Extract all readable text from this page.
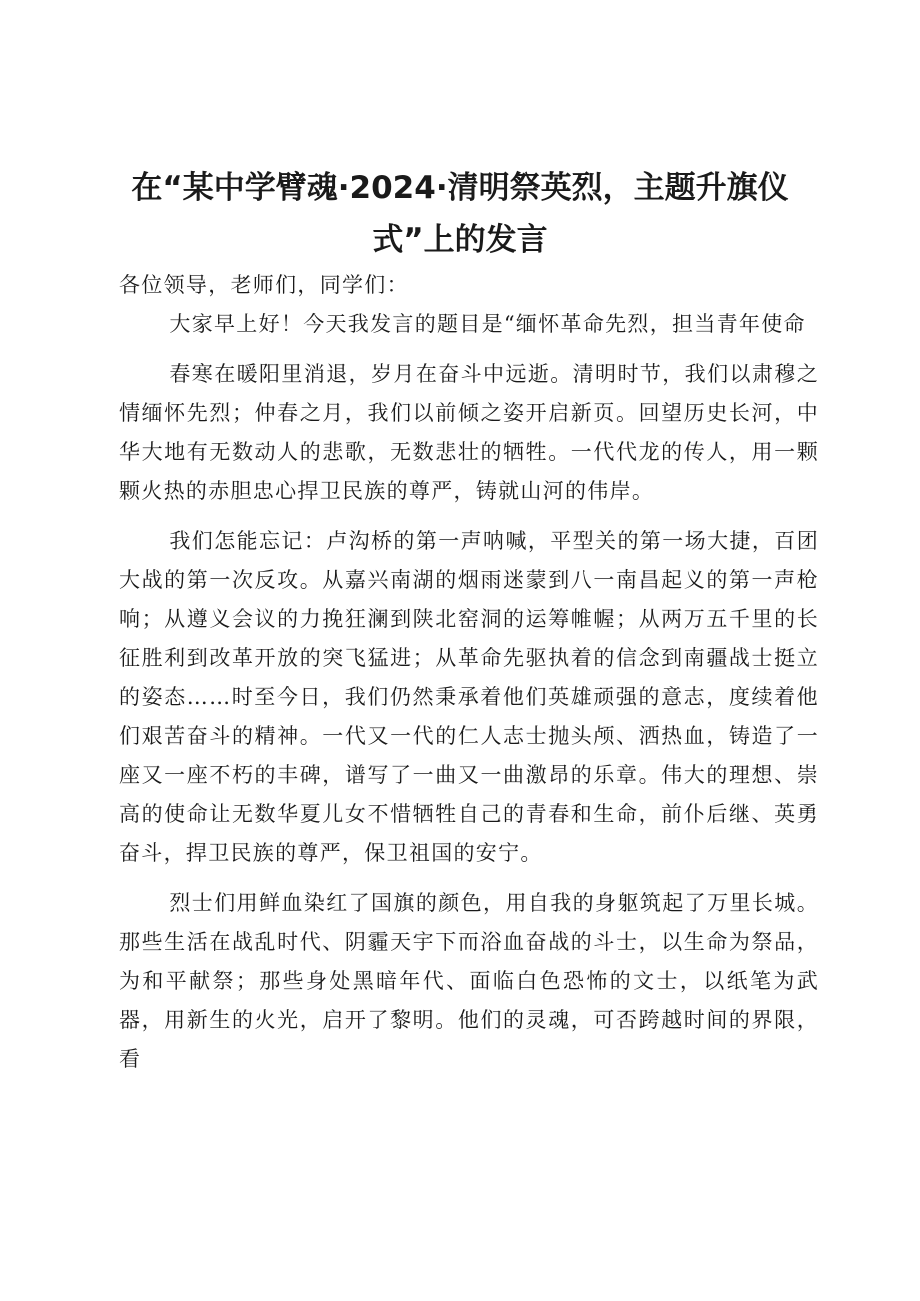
在“某中学臂魂·2024·清明祭英烈，主题升旗仪式”上的发言

各位领导，老师们，同学们：

大家早上好！今天我发言的题目是“缅怀革命先烈，担当青年使命

春寒在暖阳里消退，岁月在奋斗中远逝。清明时节，我们以肃穆之情缅怀先烈；仲春之月，我们以前倾之姿开启新页。回望历史长河，中华大地有无数动人的悲歌，无数悲壮的牺牲。一代代龙的传人，用一颗颗火热的赤胆忠心捍卫民族的尊严，铸就山河的伟岸。

我们怎能忘记：卢沟桥的第一声呐喊，平型关的第一场大捷，百团大战的第一次反攻。从嘉兴南湖的烟雨迷蒙到八一南昌起义的第一声枪响；从遵义会议的力挽狂澜到陕北窑洞的运筹帷幄；从两万五千里的长征胜利到改革开放的突飞猛进；从革命先驱执着的信念到南疆战士挺立的姿态……时至今日，我们仍然秉承着他们英雄顽强的意志，度续着他们艰苦奋斗的精神。一代又一代的仁人志士抛头颅、洒热血，铸造了一座又一座不朽的丰碑，谱写了一曲又一曲激昂的乐章。伟大的理想、崇高的使命让无数华夏儿女不惜牺牲自己的青春和生命，前仆后继、英勇奋斗，捍卫民族的尊严，保卫祖国的安宁。

烈士们用鲜血染红了国旗的颜色，用自我的身躯筑起了万里长城。那些生活在战乱时代、阴霾天宇下而浴血奋战的斗士，以生命为祭品，为和平献祭；那些身处黑暗年代、面临白色恐怖的文士，以纸笔为武器，用新生的火光，启开了黎明。他们的灵魂，可否跨越时间的界限，看
